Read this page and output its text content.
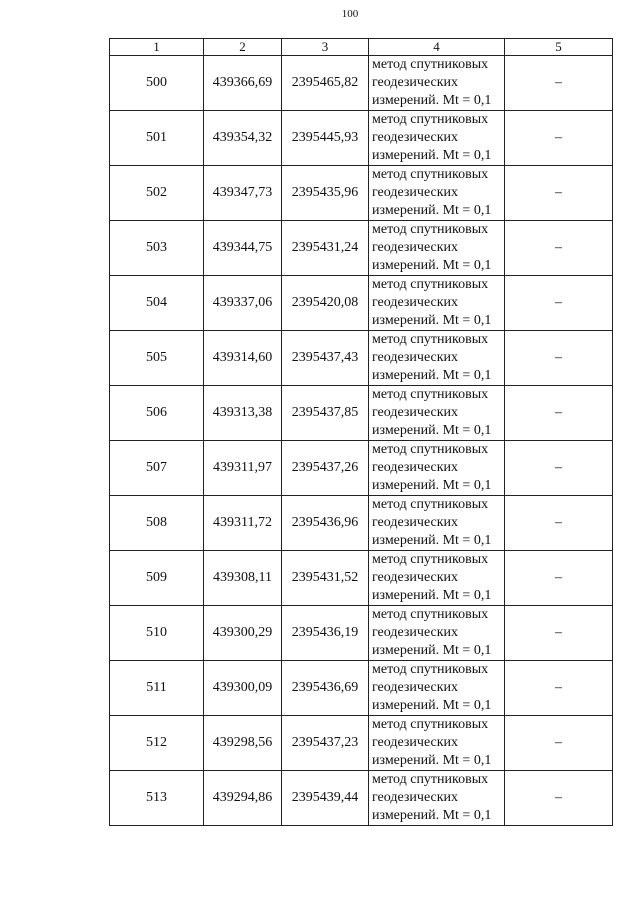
100
1	2	3	4	5
500	439366,69	2395465,82	метод спутниковых
геодезических
измерений. Mt = 0,1	–
501	439354,32	2395445,93	метод спутниковых
геодезических
измерений. Mt = 0,1	–
502	439347,73	2395435,96	метод спутниковых
геодезических
измерений. Mt = 0,1	–
503	439344,75	2395431,24	метод спутниковых
геодезических
измерений. Mt = 0,1	–
504	439337,06	2395420,08	метод спутниковых
геодезических
измерений. Mt = 0,1	–
505	439314,60	2395437,43	метод спутниковых
геодезических
измерений. Mt = 0,1	–
506	439313,38	2395437,85	метод спутниковых
геодезических
измерений. Mt = 0,1	–
507	439311,97	2395437,26	метод спутниковых
геодезических
измерений. Mt = 0,1	–
508	439311,72	2395436,96	метод спутниковых
геодезических
измерений. Mt = 0,1	–
509	439308,11	2395431,52	метод спутниковых
геодезических
измерений. Mt = 0,1	–
510	439300,29	2395436,19	метод спутниковых
геодезических
измерений. Mt = 0,1	–
511	439300,09	2395436,69	метод спутниковых
геодезических
измерений. Mt = 0,1	–
512	439298,56	2395437,23	метод спутниковых
геодезических
измерений. Mt = 0,1	–
513	439294,86	2395439,44	метод спутниковых
геодезических
измерений. Mt = 0,1	–
